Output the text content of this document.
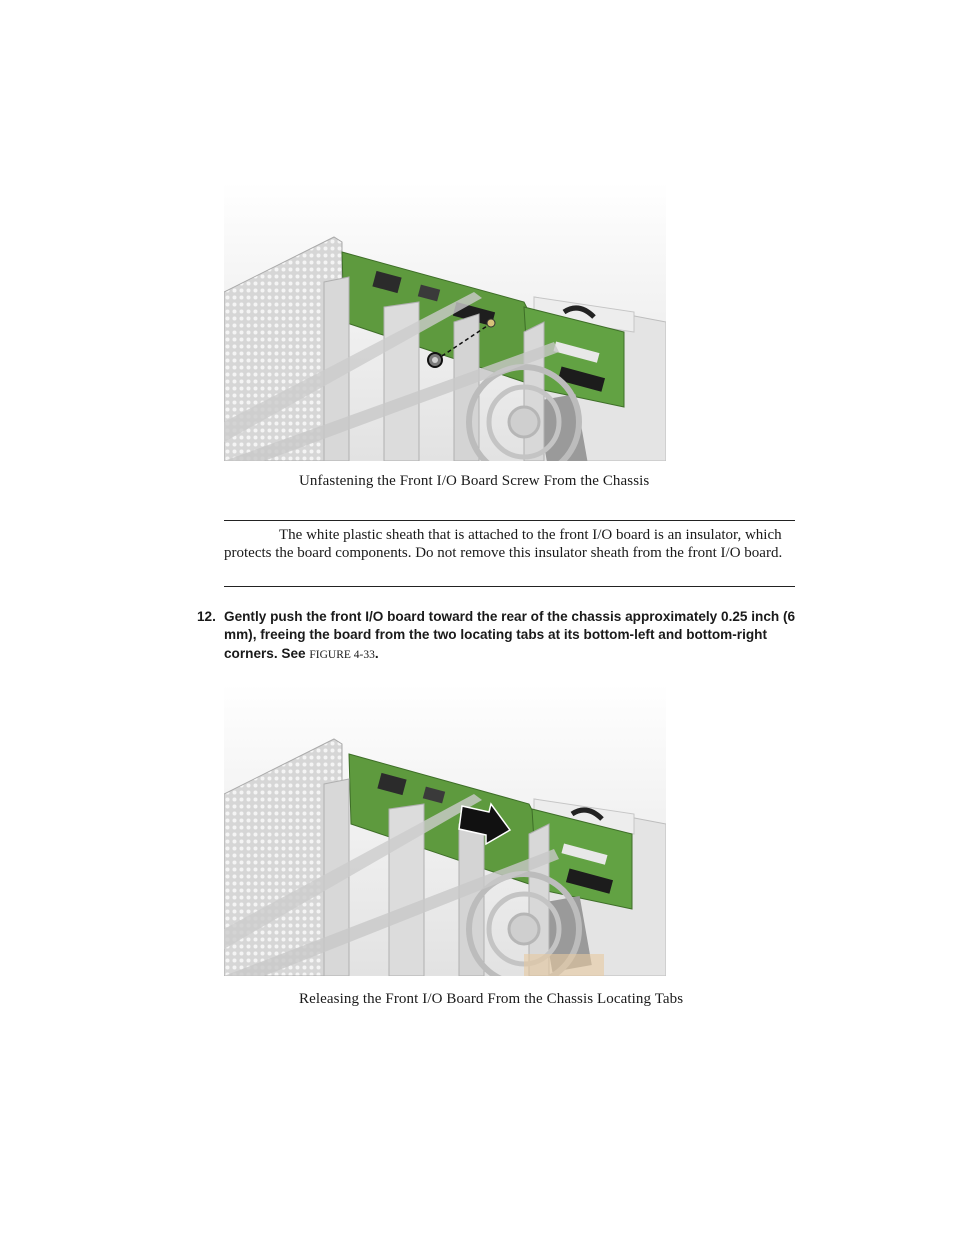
Unfastening the Front I/O Board Screw From the Chassis
The white plastic sheath that is attached to the front I/O board is an insulator, which protects the board components. Do not remove this insulator sheath from the front I/O board.
12. Gently push the front I/O board toward the rear of the chassis approximately 0.25 inch (6 mm), freeing the board from the two locating tabs at its bottom-left and bottom-right corners. See FIGURE 4-33.
Releasing the Front I/O Board From the Chassis Locating Tabs
